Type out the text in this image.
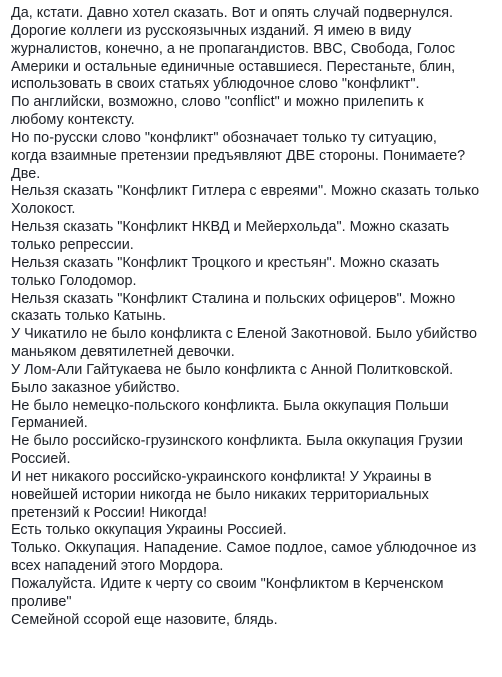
Да, кстати. Давно хотел сказать. Вот и опять случай подвернулся.
Дорогие коллеги из русскоязычных изданий. Я имею в виду
журналистов, конечно, а не пропагандистов. BBC, Свобода, Голос
Америки и остальные единичные оставшиеся. Перестаньте, блин,
использовать в своих статьях ублюдочное слово "конфликт".
По английски, возможно, слово "conflict" и можно прилепить к
любому контексту.
Но по-русски слово "конфликт" обозначает только ту ситуацию,
когда взаимные претензии предъявляют ДВЕ стороны. Понимаете?
Две.
Нельзя сказать "Конфликт Гитлера с евреями". Можно сказать только
Холокост.
Нельзя сказать "Конфликт НКВД и Мейерхольда". Можно сказать
только репрессии.
Нельзя сказать "Конфликт Троцкого и крестьян". Можно сказать
только Голодомор.
Нельзя сказать "Конфликт Сталина и польских офицеров". Можно
сказать только Катынь.
У Чикатило не было конфликта с Еленой Закотновой. Было убийство
маньяком девятилетней девочки.
У Лом-Али Гайтукаева не было конфликта с Анной Политковской.
Было заказное убийство.
Не было немецко-польского конфликта. Была оккупация Польши
Германией.
Не было российско-грузинского конфликта. Была оккупация Грузии
Россией.
И нет никакого российско-украинского конфликта! У Украины в
новейшей истории никогда не было никаких территориальных
претензий к России! Никогда!
Есть только оккупация Украины Россией.
Только. Оккупация. Нападение. Самое подлое, самое ублюдочное из
всех нападений этого Мордора.
Пожалуйста. Идите к черту со своим "Конфликтом в Керченском
проливе"
Семейной ссорой еще назовите, блядь.
